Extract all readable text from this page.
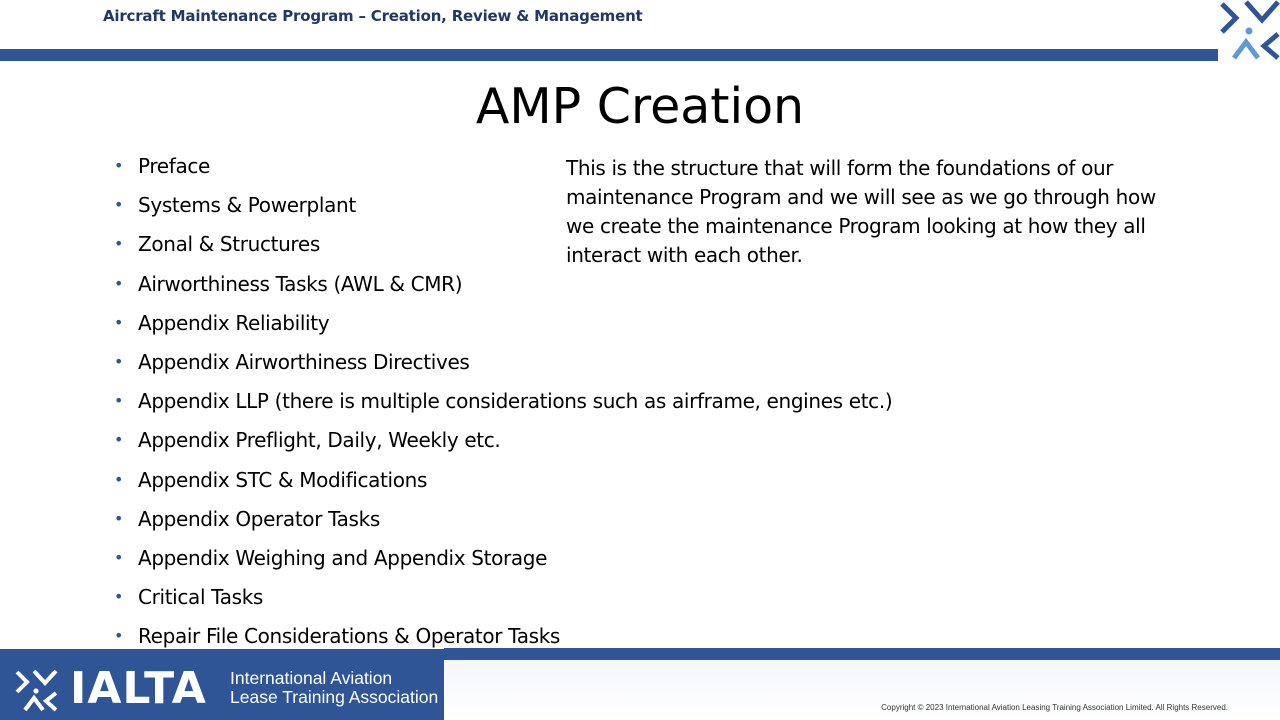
Aircraft Maintenance Program – Creation, Review & Management
AMP Creation
• Preface
• Systems & Powerplant
• Zonal & Structures
• Airworthiness Tasks (AWL & CMR)
• Appendix Reliability
• Appendix Airworthiness Directives
• Appendix LLP (there is multiple considerations such as airframe, engines etc.)
• Appendix Preflight, Daily, Weekly etc.
• Appendix STC & Modifications
• Appendix Operator Tasks
• Appendix Weighing and Appendix Storage
• Critical Tasks
• Repair File Considerations & Operator Tasks
This is the structure that will form the foundations of our
maintenance Program and we will see as we go through how
we create the maintenance Program looking at how they all
interact with each other.
IALTA International Aviation
Lease Training Association
Copyright © 2023 International Aviation Leasing Training Association Limited. All Rights Reserved.
